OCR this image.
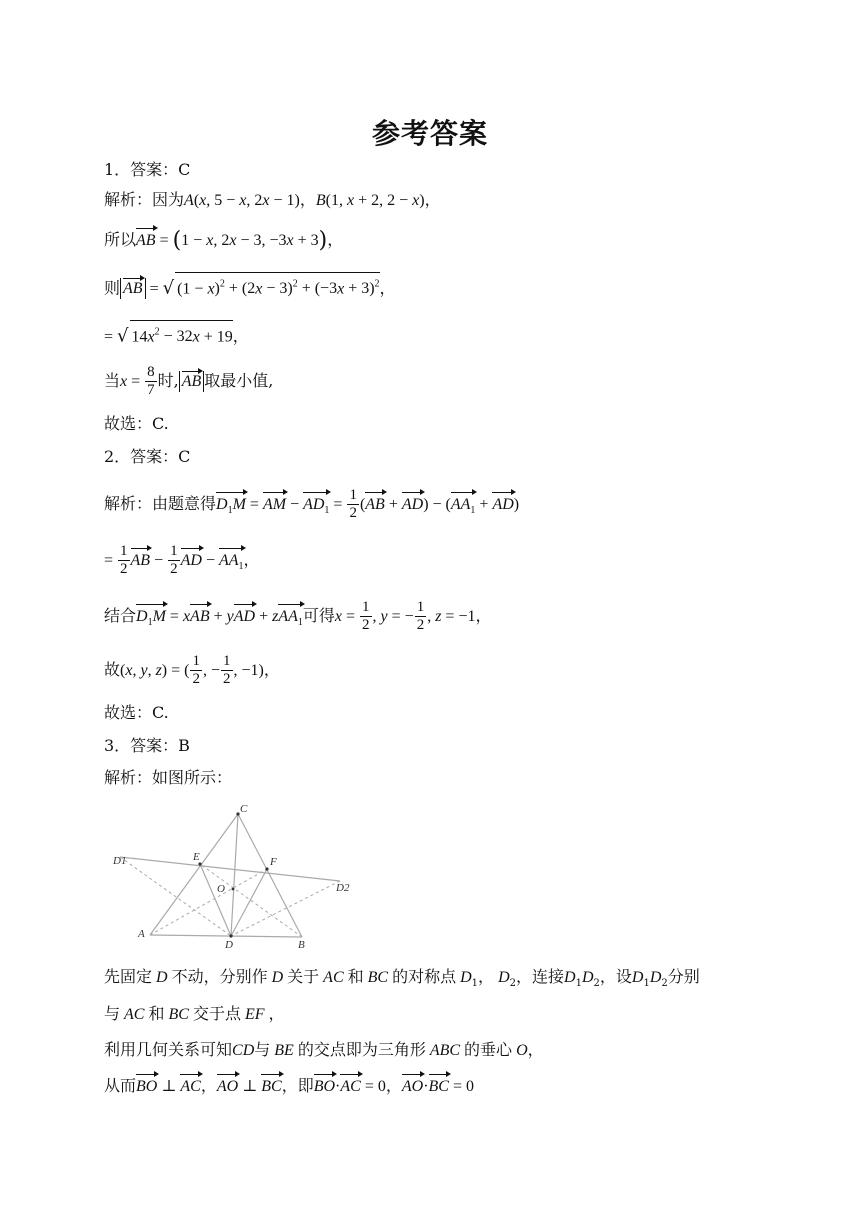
参考答案
1．答案：C
解析：因为A(x, 5 − x, 2x − 1)，B(1, x + 2, 2 − x)，
所以AB = (1 − x, 2x − 3, −3x + 3)，
则 AB = √ $(1 - x)^2 + (2x - 3)^2 + (-3x + 3)^2$，
= √ $14x^2 - 32x + 19$，
当$x = \frac{8}{7}$ 时, AB 取最小值,
故选：C.
2．答案：C
解析：由题意得$D_1M$ = AM − $AD_1 = \frac{1}{2} (AB + AD) - (AA_1 + AD)$
= $\frac{1}{2}$ AB − $\frac{1}{2}$ AD − $AA_1$，
结合$D_1M$ = xAB + yAD + zAA$_1$可得$x = \frac{1}{2}$ , y = − $\frac{1}{2}$ , z = −1，
故(x, y, z) = ( $\frac{1}{2}$ , − $\frac{1}{2}$ , −1)，
故选：C.
3．答案：B
解析：如图所示：
C
D1	E	F
O	D2
A
D	B
先固定 D 不动，分别作 D 关于 AC 和 BC 的对称点 $D_1$， $D_2$，连接$D_1D_2$，设$D_1D_2$分别
与 AC 和 BC 交于点 EF ，
利用几何关系可知CD与 BE 的交点即为三角形 ABC 的垂心 O，
从而BO ⊥ AC，AO ⊥ BC，即BO·AC = 0，AO·BC = 0
